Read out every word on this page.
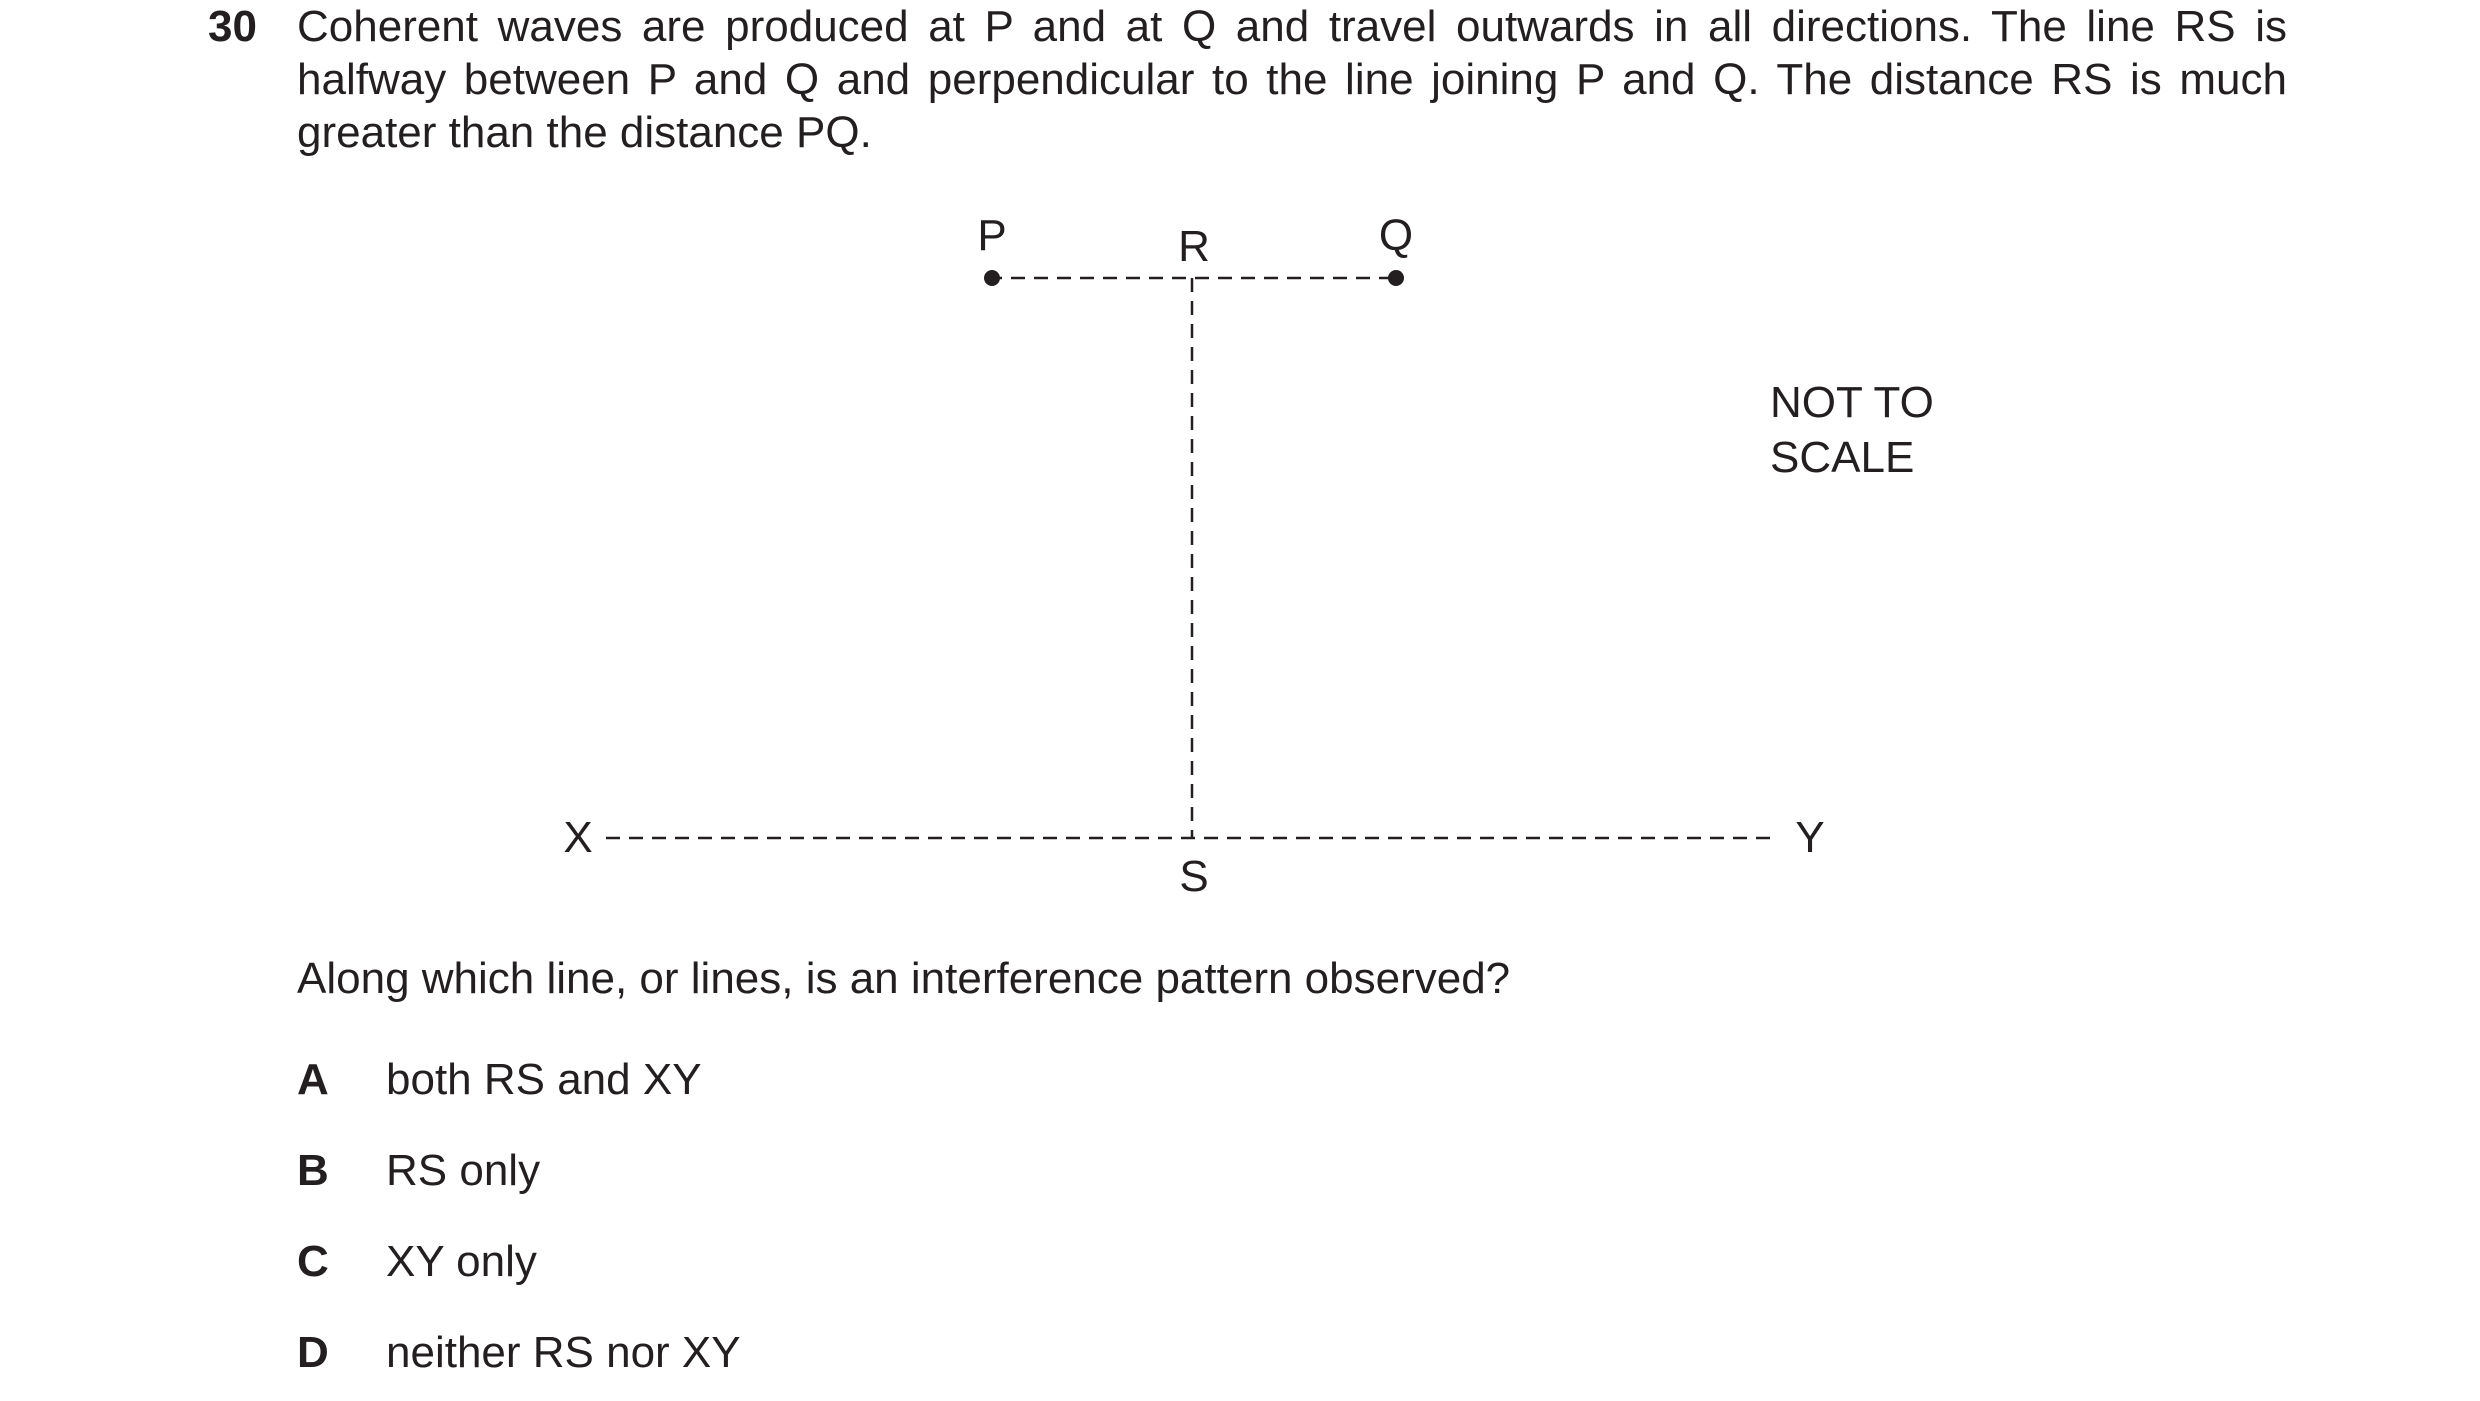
30 Coherent waves are produced at P and at Q and travel outwards in all directions. The line RS is
halfway between P and Q and perpendicular to the line joining P and Q. The distance RS is much
greater than the distance PQ.
P	R	Q
X	Y
S
NOT TO
SCALE
Along which line, or lines, is an interference pattern observed?
A both RS and XY
B RS only
C XY only
D neither RS nor XY
